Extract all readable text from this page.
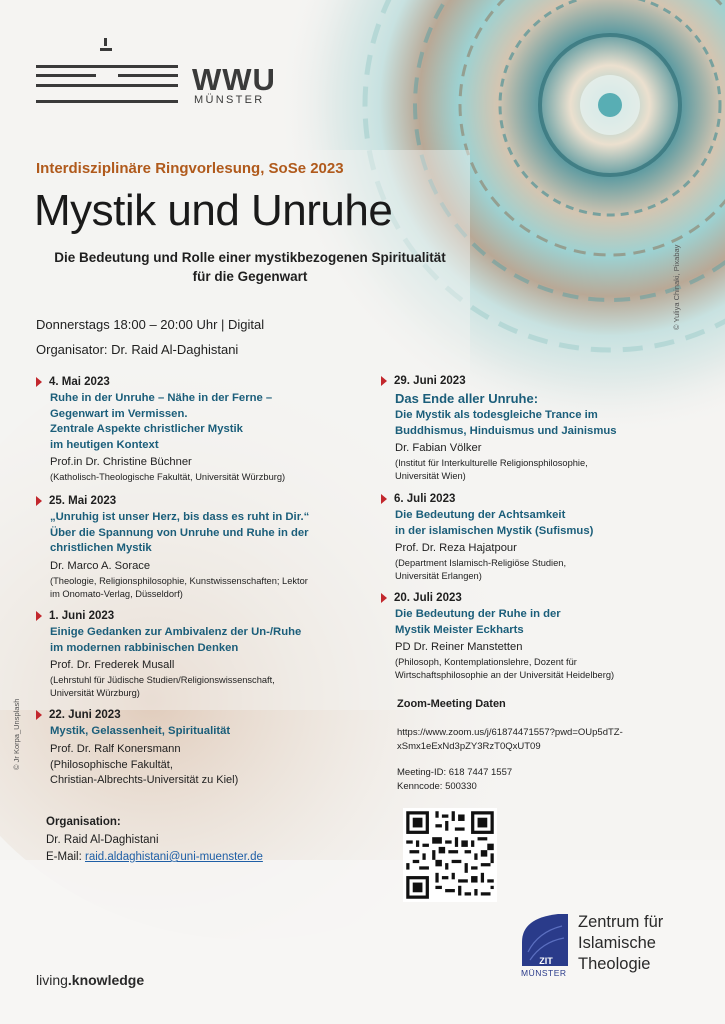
WWU
MÜNSTER
Interdisziplinäre Ringvorlesung, SoSe 2023
Mystik und Unruhe
Die Bedeutung und Rolle einer mystikbezogenen Spiritualität
für die Gegenwart
Donnerstags 18:00 – 20:00 Uhr | Digital
Organisator: Dr. Raid Al-Daghistani
4. Mai 2023
Ruhe in der Unruhe – Nähe in der Ferne –
Gegenwart im Vermissen.
Zentrale Aspekte christlicher Mystik
im heutigen Kontext
Prof.in Dr. Christine Büchner
(Katholisch-Theologische Fakultät, Universität Würzburg)
25. Mai 2023
„Unruhig ist unser Herz, bis dass es ruht in Dir.“
Über die Spannung von Unruhe und Ruhe in der
christlichen Mystik
Dr. Marco A. Sorace
(Theologie, Religionsphilosophie, Kunstwissenschaften; Lektor
im Onomato-Verlag, Düsseldorf)
1. Juni 2023
Einige Gedanken zur Ambivalenz der Un-/Ruhe
im modernen rabbinischen Denken
Prof. Dr. Frederek Musall
(Lehrstuhl für Jüdische Studien/Religionswissenschaft,
Universität Würzburg)
22. Juni 2023
Mystik, Gelassenheit, Spiritualität
Prof. Dr. Ralf Konersmann
(Philosophische Fakultät,
Christian-Albrechts-Universität zu Kiel)
29. Juni 2023
Das Ende aller Unruhe:
Die Mystik als todesgleiche Trance im
Buddhismus, Hinduismus und Jainismus
Dr. Fabian Völker
(Institut für Interkulturelle Religionsphilosophie,
Universität Wien)
6. Juli 2023
Die Bedeutung der Achtsamkeit
in der islamischen Mystik (Sufismus)
Prof. Dr. Reza Hajatpour
(Department Islamisch-Religiöse Studien,
Universität Erlangen)
20. Juli 2023
Die Bedeutung der Ruhe in der
Mystik Meister Eckharts
PD Dr. Reiner Manstetten
(Philosoph, Kontemplationslehre, Dozent für
Wirtschaftsphilosophie an der Universität Heidelberg)
Zoom-Meeting Daten
https://www.zoom.us/j/61874471557?pwd=OUp5dTZ-
xSmx1eExNd3pZY3RzT0QxUT09
Meeting-ID: 618 7447 1557
Kenncode: 500330
Organisation:
Dr. Raid Al-Daghistani
E-Mail: raid.aldaghistani@uni-muenster.de
living.knowledge
ZIT
MÜNSTER
Zentrum für
Islamische
Theologie
© Yuliya Chinaki, Pixabay
© Jr Korpa_Unsplash
